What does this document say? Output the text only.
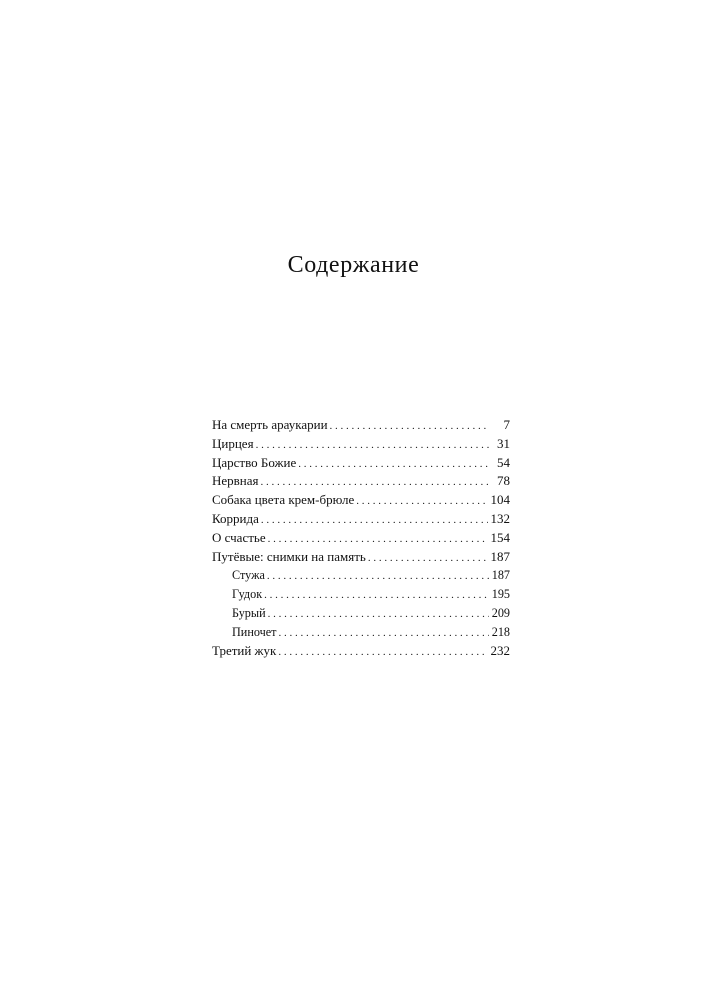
Содержание
На смерть араукарии . . .	7
Цирцея . . .	31
Царство Божие . . .	54
Нервная . . .	78
Собака цвета крем-брюле . . .	104
Коррида . . .	132
О счастье . . .	154
Путёвые: снимки на память . . .	187
Стужа . . .	187
Гудок . . .	195
Бурый . . .	209
Пиночет . . .	218
Третий жук . . .	232
